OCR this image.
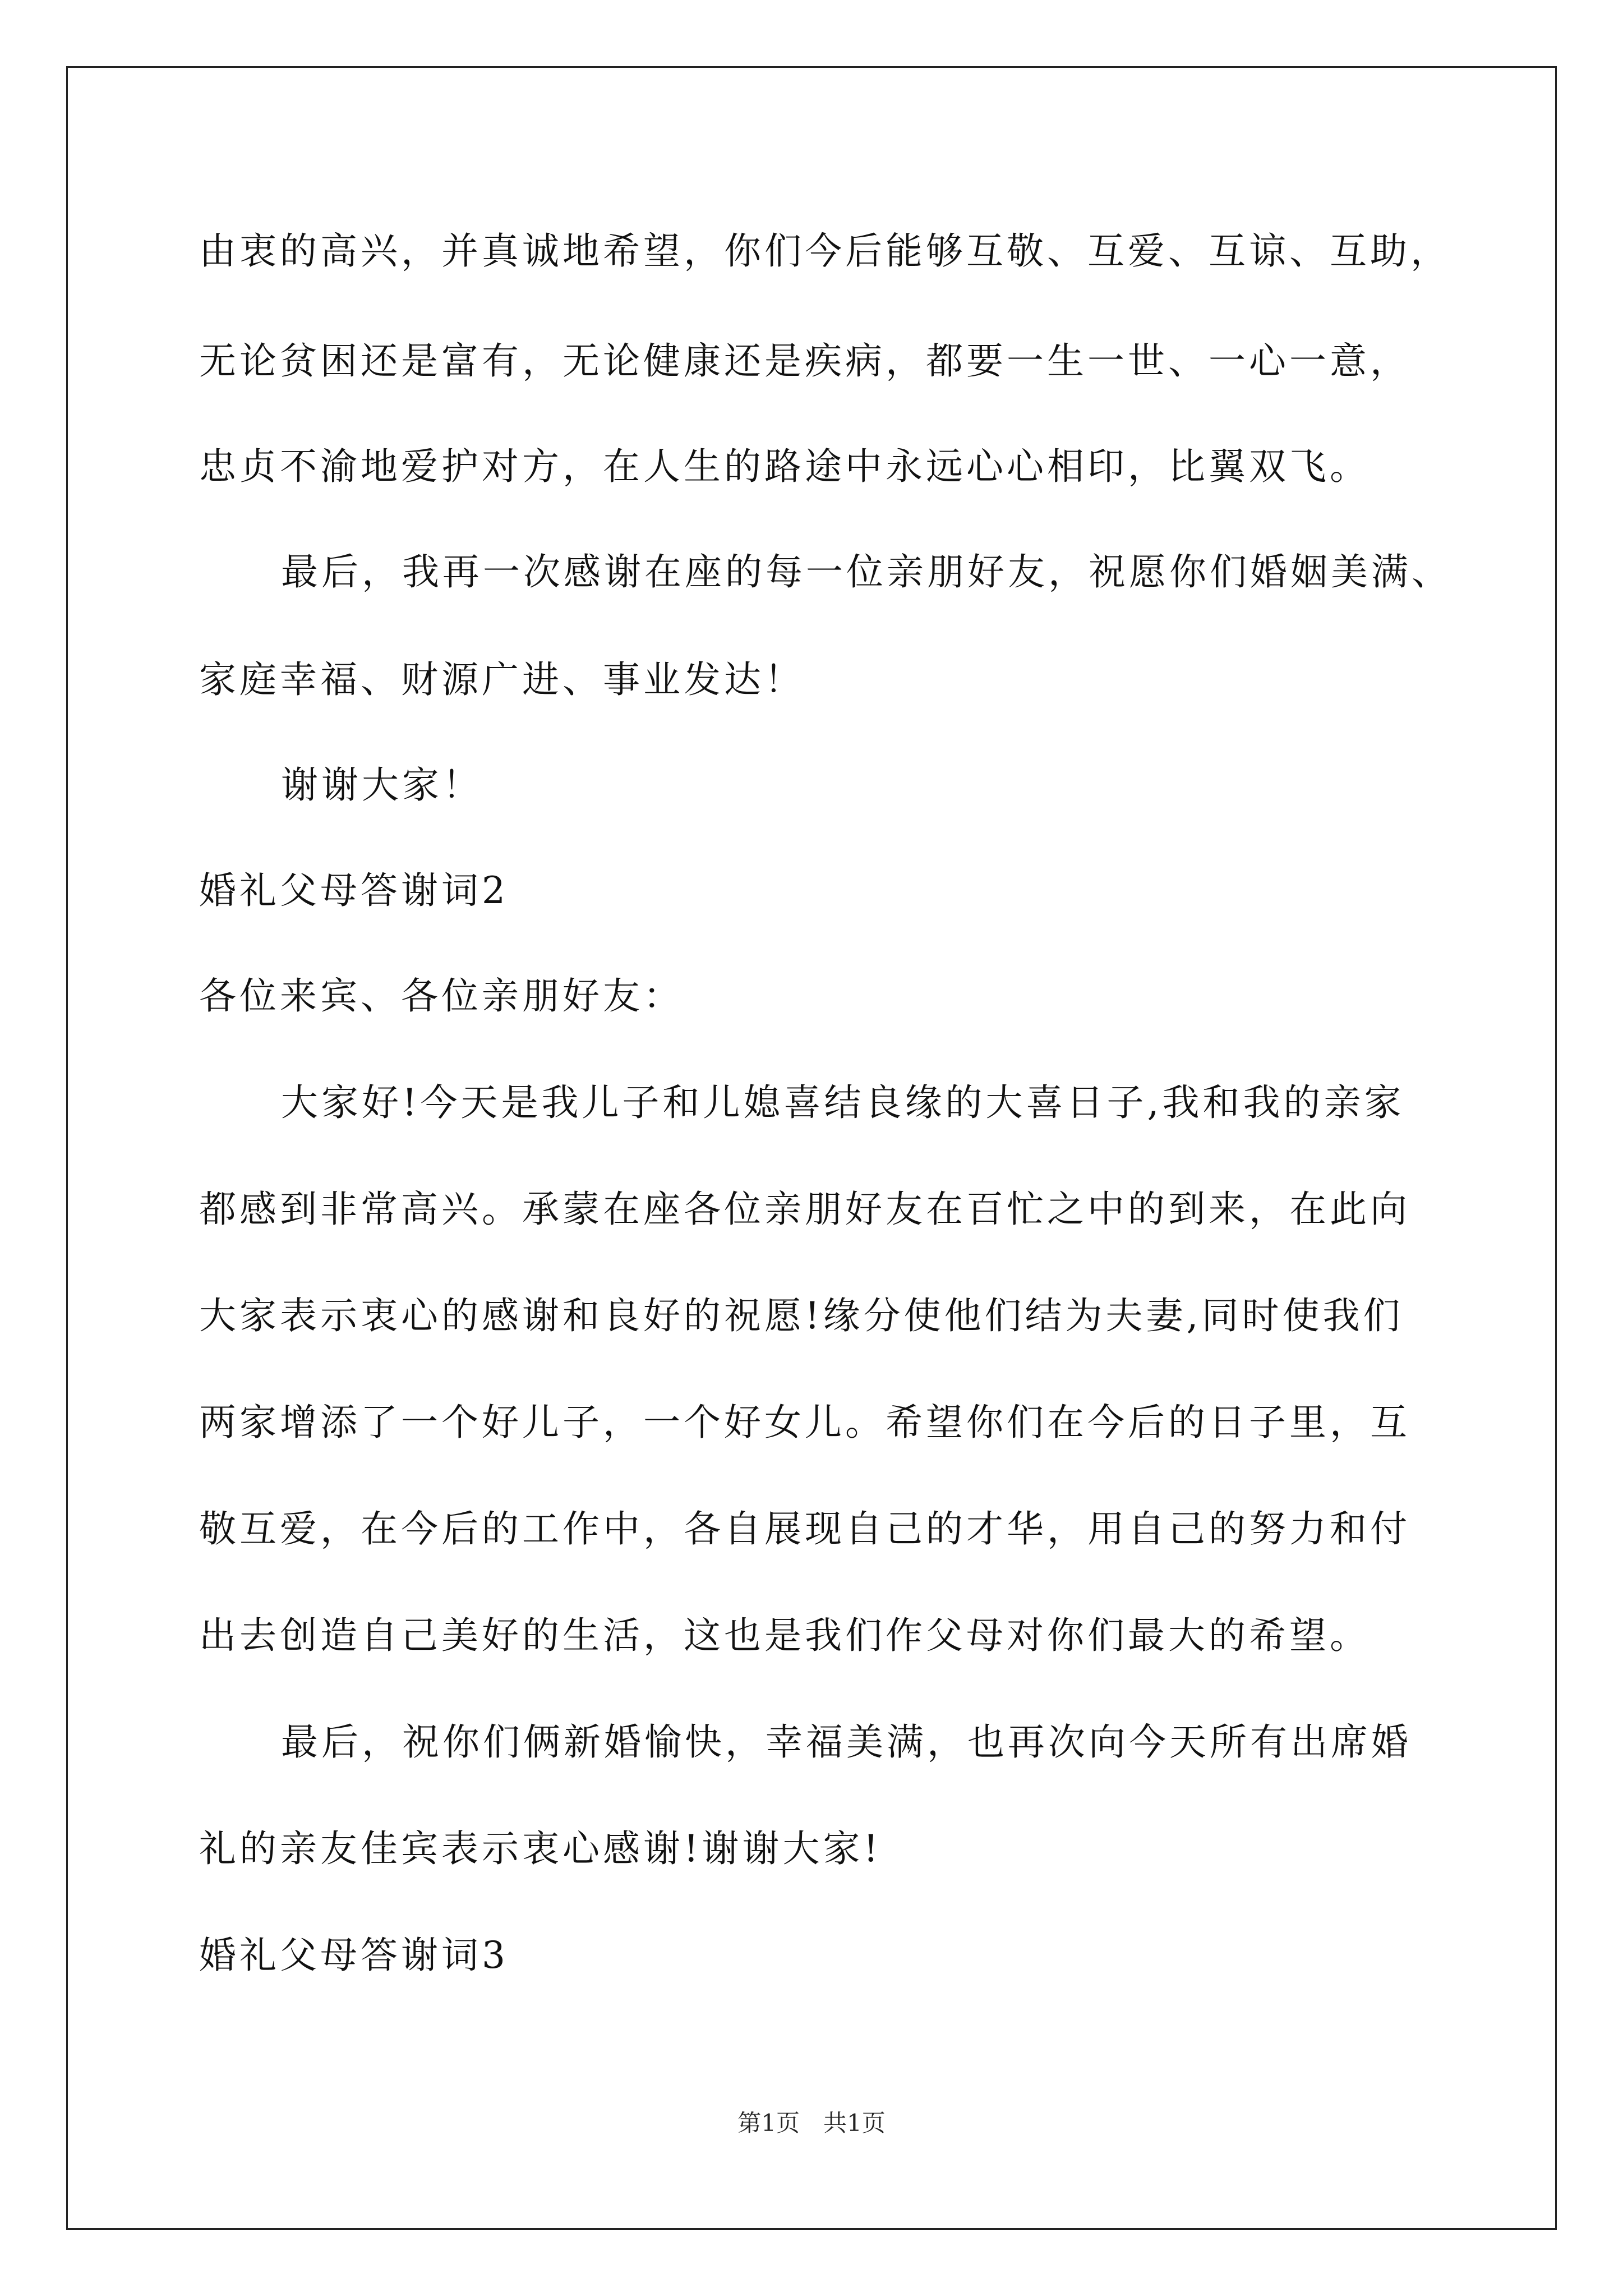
由衷的高兴，并真诚地希望，你们今后能够互敬、互爱、互谅、互助，
无论贫困还是富有，无论健康还是疾病，都要一生一世、一心一意，
忠贞不渝地爱护对方，在人生的路途中永远心心相印，比翼双飞。
最后，我再一次感谢在座的每一位亲朋好友，祝愿你们婚姻美满、
家庭幸福、财源广进、事业发达！
谢谢大家！
婚礼父母答谢词2
各位来宾、各位亲朋好友：
大家好!今天是我儿子和儿媳喜结良缘的大喜日子,我和我的亲家
都感到非常高兴。承蒙在座各位亲朋好友在百忙之中的到来，在此向
大家表示衷心的感谢和良好的祝愿!缘分使他们结为夫妻,同时使我们
两家增添了一个好儿子，一个好女儿。希望你们在今后的日子里，互
敬互爱，在今后的工作中，各自展现自己的才华，用自己的努力和付
出去创造自己美好的生活，这也是我们作父母对你们最大的希望。
最后，祝你们俩新婚愉快，幸福美满，也再次向今天所有出席婚
礼的亲友佳宾表示衷心感谢!谢谢大家!
婚礼父母答谢词3
第1页　共1页
